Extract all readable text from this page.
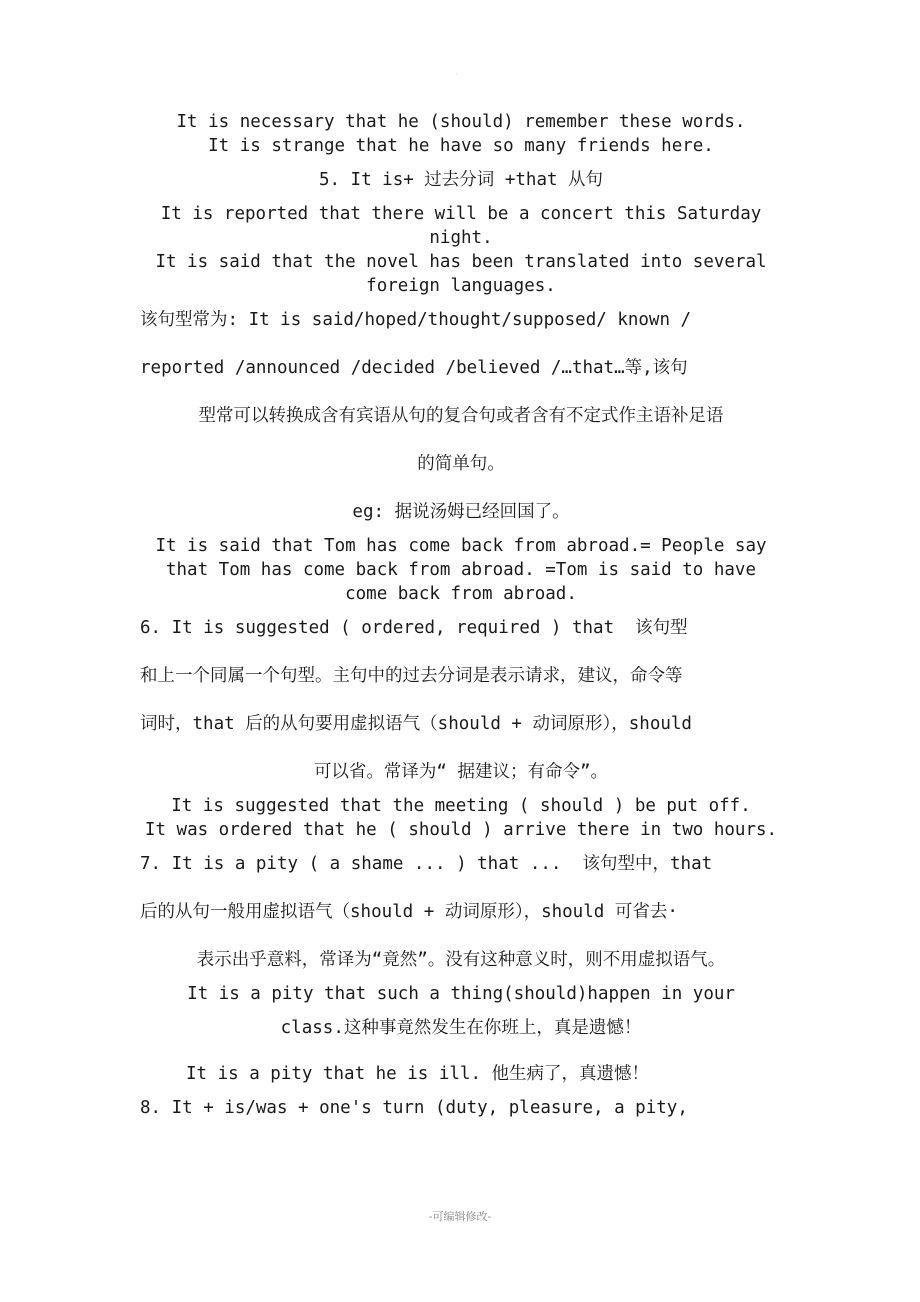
·
It is necessary that he (should) remember these words.
It is strange that he have so many friends here.
5. It is+ 过去分词 +that 从句
It is reported that there will be a concert this Saturday night.
It is said that the novel has been translated into several foreign languages.
该句型常为: It is said/hoped/thought/supposed/ known /
reported /announced /decided /believed /…that…等,该句
型常可以转换成含有宾语从句的复合句或者含有不定式作主语补足语
的简单句。
eg: 据说汤姆已经回国了。
It is said that Tom has come back from abroad.= People say that Tom has come back from abroad. =Tom is said to have come back from abroad.
6. It is suggested ( ordered, required ) that  该句型
和上一个同属一个句型。主句中的过去分词是表示请求，建议，命令等
词时，that 后的从句要用虚拟语气（should + 动词原形），should
可以省。常译为“ 据建议；有命令”。
It is suggested that the meeting ( should ) be put off.
It was ordered that he ( should ) arrive there in two hours.
7. It is a pity ( a shame ... ) that ...  该句型中，that
后的从句一般用虚拟语气（should + 动词原形），should 可省去·
表示出乎意料，常译为“竟然”。没有这种意义时，则不用虚拟语气。
It is a pity that such a thing(should)happen in your
class.这种事竟然发生在你班上，真是遗憾！
It is a pity that he is ill. 他生病了，真遗憾！
8. It + is/was + one's turn (duty, pleasure, a pity,
-可编辑修改-
